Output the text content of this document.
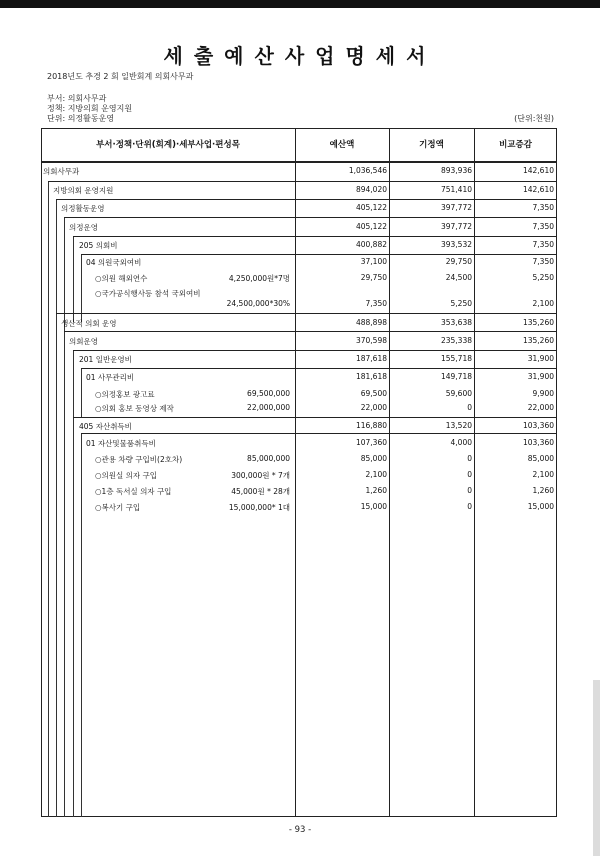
세출예산사업명세서
2018년도 추경 2 회 일반회계 의회사무과
부서: 의회사무과
정책: 지방의회 운영지원
단위: 의정활동운영	(단위:천원)
부서·정책·단위(회계)·세부사업·편성목	예산액	기정액	비교증감
의회사무과	1,036,546	893,936	142,610
지방의회 운영지원	894,020	751,410	142,610
의정활동운영	405,122	397,772	7,350
의정운영	405,122	397,772	7,350
205 의회비	400,882	393,532	7,350
04 의원국외여비	37,100	29,750	7,350
○의원 해외연수	4,250,000원*7명	29,750	24,500	5,250
○국가공식행사등 참석 국외여비
24,500,000*30%	7,350	5,250	2,100
생산적 의회 운영	488,898	353,638	135,260
의회운영	370,598	235,338	135,260
201 일반운영비	187,618	155,718	31,900
01 사무관리비	181,618	149,718	31,900
○의정홍보 광고료	69,500,000	69,500	59,600	9,900
○의회 홍보 동영상 제작	22,000,000	22,000	0	22,000
405 자산취득비	116,880	13,520	103,360
01 자산및물품취득비	107,360	4,000	103,360
○관용 차량 구입비(2호차)	85,000,000	85,000	0	85,000
○의원실 의자 구입	300,000원 * 7개	2,100	0	2,100
○1층 독서실 의자 구입	45,000원 * 28개	1,260	0	1,260
○복사기 구입	15,000,000* 1대	15,000	0	15,000
- 93 -
